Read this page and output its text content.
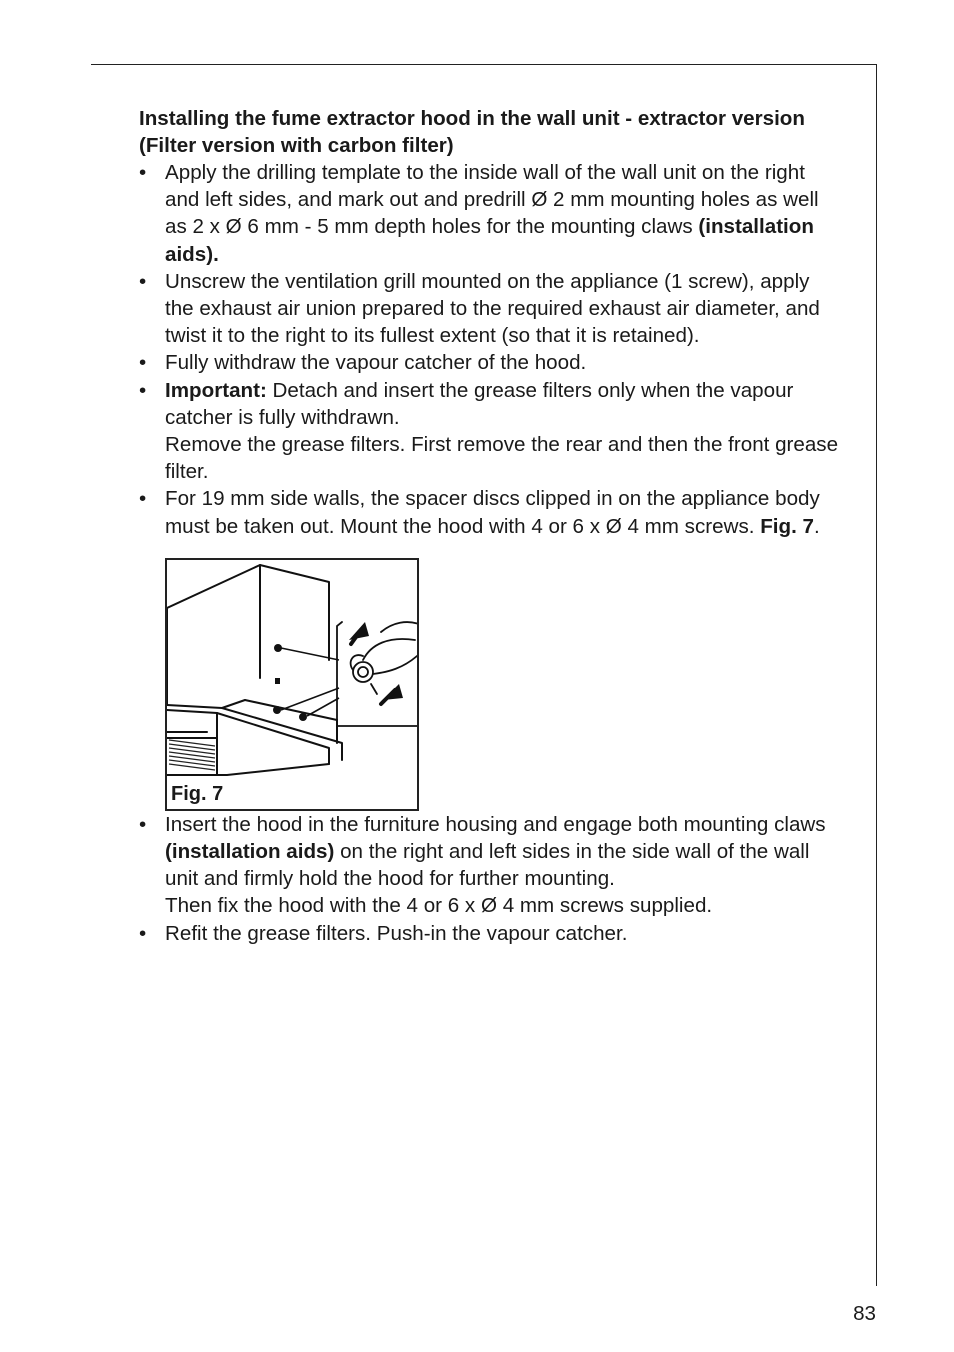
Installing the fume extractor hood in the wall unit - extractor version (Filter version with carbon filter)
• Apply the drilling template to the inside wall of the wall unit on the right and left sides, and mark out and predrill Ø 2 mm mounting holes as well as 2 x Ø 6 mm - 5 mm depth holes for the mounting claws (installation aids).
• Unscrew the ventilation grill mounted on the appliance (1 screw), apply the exhaust air union prepared to the required exhaust air diameter, and twist it to the right to its fullest extent (so that it is retained).
• Fully withdraw the vapour catcher of the hood.
• Important: Detach and insert the grease filters only when the vapour catcher is fully withdrawn.
Remove the grease filters. First remove the rear and then the front grease filter.
• For 19 mm side walls, the spacer discs clipped in on the appliance body must be taken out. Mount the hood with 4 or 6 x Ø 4 mm screws. Fig. 7.
Fig. 7
• Insert the hood in the furniture housing and engage both mounting claws (installation aids) on the right and left sides in the side wall of the wall unit and firmly hold the hood for further mounting.
Then fix the hood with the 4 or 6 x Ø 4 mm screws supplied.
• Refit the grease filters. Push-in the vapour catcher.
83
